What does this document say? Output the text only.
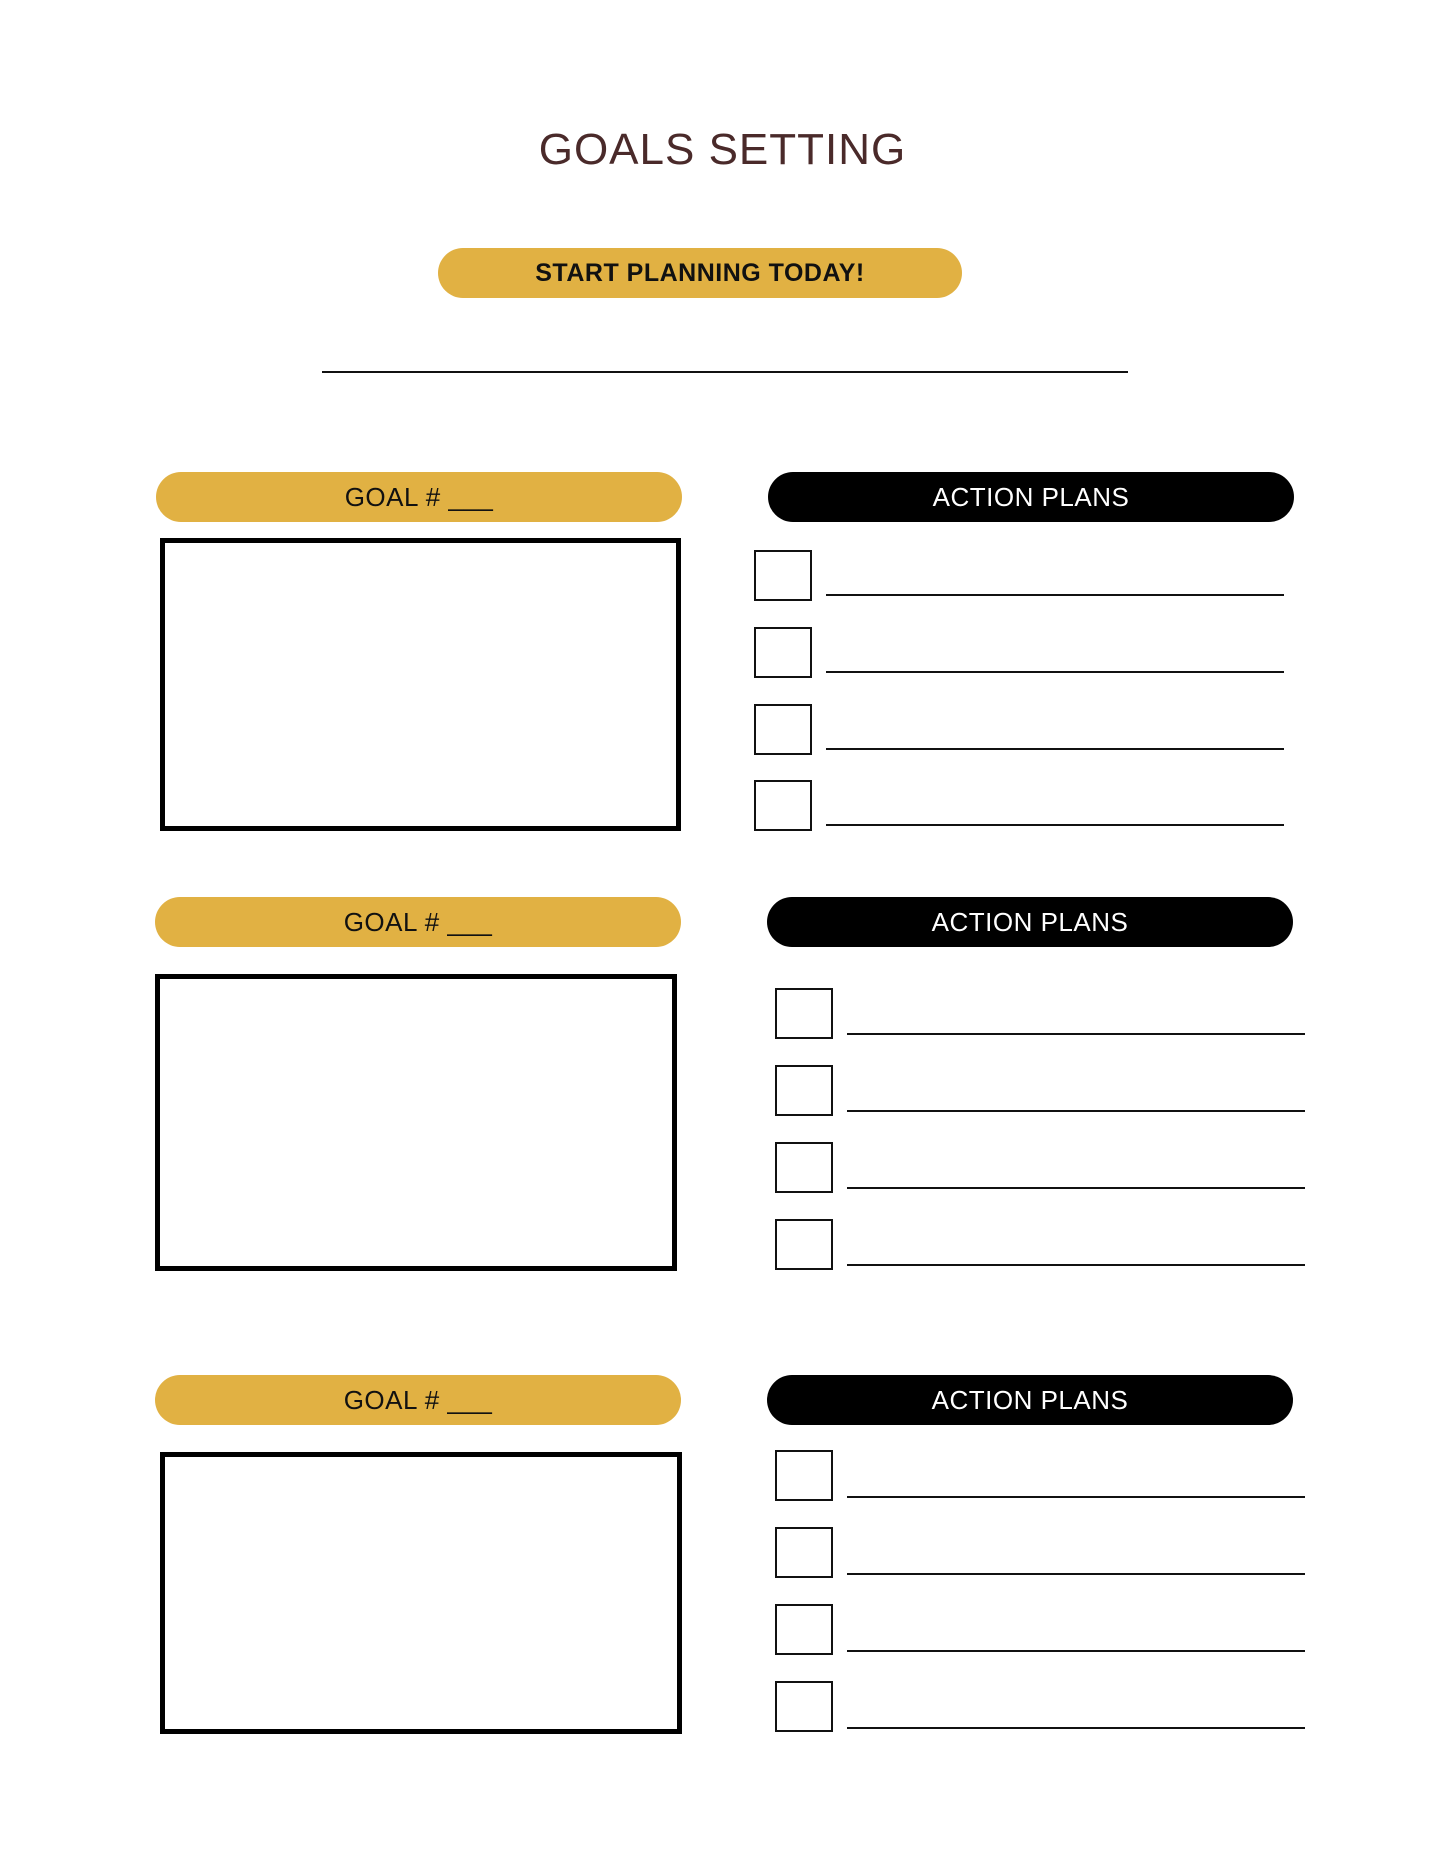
GOALS SETTING
START PLANNING TODAY!
GOAL # ___	ACTION PLANS
GOAL # ___	ACTION PLANS
GOAL # ___	ACTION PLANS
